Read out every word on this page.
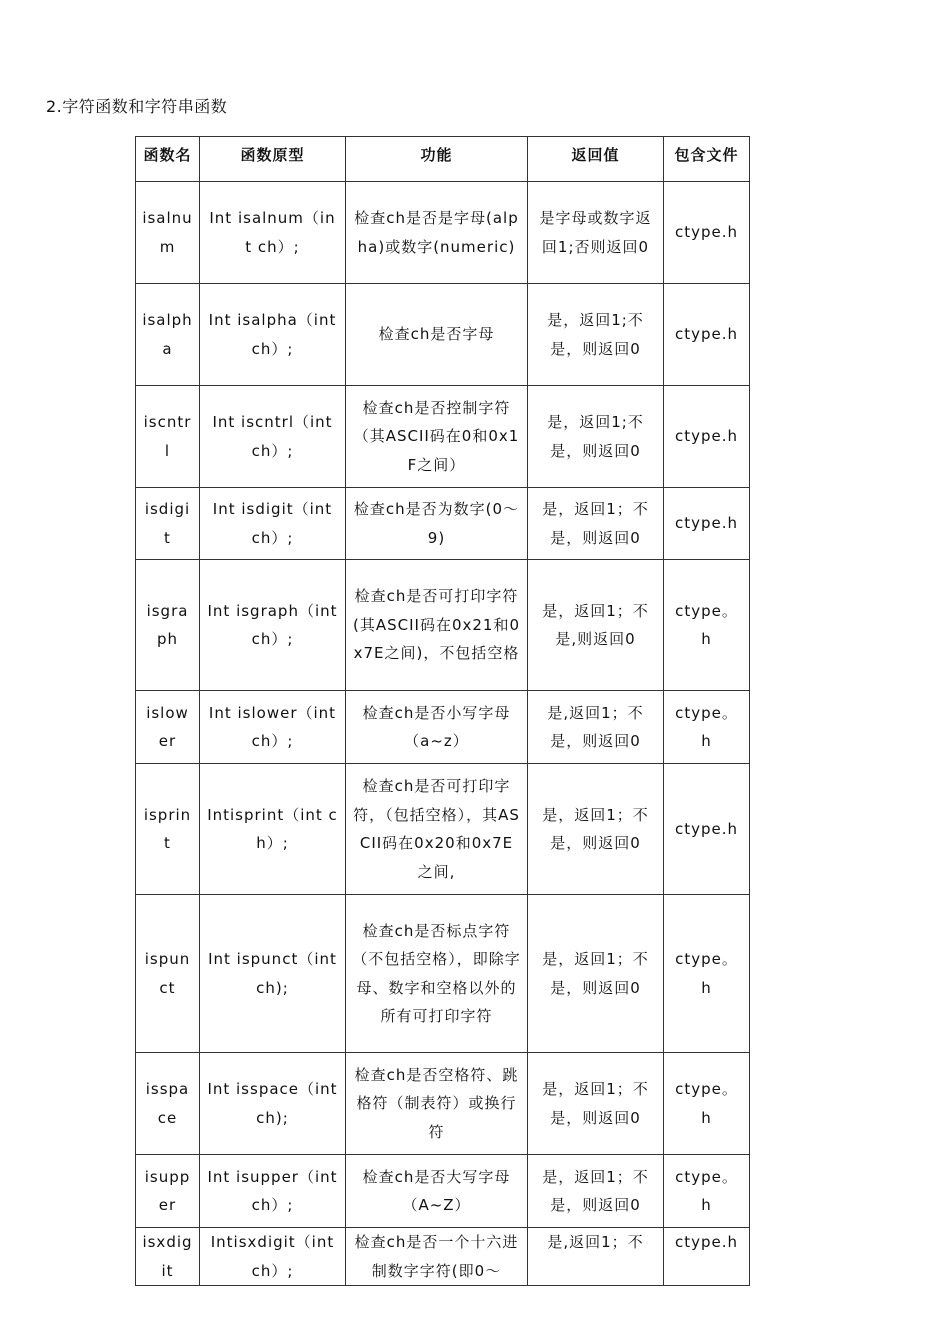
2.字符函数和字符串函数
函数名	函数原型	功能	返回值	包含文件
isalnum	Int isalnum（int ch）;	检查ch是否是字母(alpha)或数字(numeric)	是字母或数字返回1;否则返回0	ctype.h
isalpha	Int isalpha（int ch）;	检查ch是否字母	是，返回1;不是，则返回0	ctype.h
iscntrl	Int iscntrl（int ch）;	检查ch是否控制字符（其ASCII码在0和0x1F之间）	是，返回1;不是，则返回0	ctype.h
isdigit	Int isdigit（int ch）;	检查ch是否为数字(0～9)	是，返回1；不是，则返回0	ctype.h
isgraph	Int isgraph（int ch）;	检查ch是否可打印字符(其ASCII码在0x21和0x7E之间)，不包括空格	是，返回1；不是,则返回0	ctype。h
islower	Int islower（int ch）;	检查ch是否小写字母（a~z）	是,返回1；不是，则返回0	ctype。h
isprint	Intisprint（int ch）;	检查ch是否可打印字符，（包括空格），其ASCII码在0x20和0x7E之间,	是，返回1；不是，则返回0	ctype.h
ispunct	Int ispunct（int ch);	检查ch是否标点字符（不包括空格），即除字母、数字和空格以外的所有可打印字符	是，返回1；不是，则返回0	ctype。h
isspace	Int isspace（int ch);	检查ch是否空格符、跳格符（制表符）或换行符	是，返回1；不是，则返回0	ctype。h
isupper	Int isupper（int ch）;	检查ch是否大写字母（A~Z）	是，返回1；不是，则返回0	ctype。h
isxdigit	Intisxdigit（int ch）;	检查ch是否一个十六进制数字字符(即0～	是,返回1；不	ctype.h
